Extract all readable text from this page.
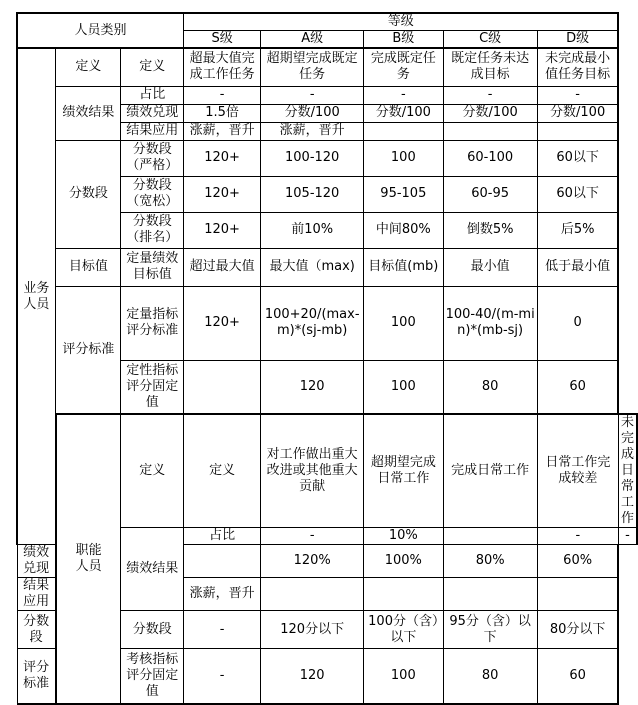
人员类别			等级					
			S级	A级	B级	C级	D级	
业务
人员	定义	定义	超最大值完成工作任务	超期望完成既定任务	完成既定任务	既定任务未达成目标	未完成最小值任务目标	
	绩效结果	占比	-	-	-	-	-	
		绩效兑现	1.5倍	分数/100	分数/100	分数/100	分数/100	
		结果应用	涨薪，晋升	涨薪，晋升				
	分数段	分数段（严格）	120+	100-120	100	60-100	60以下	
		分数段（宽松）	120+	105-120	95-105	60-95	60以下	
		分数段（排名）	120+	前10%	中间80%	倒数5%	后5%	
	目标值	定量绩效目标值	超过最大值	最大值（max)	目标值(mb)	最小值	低于最小值	
	评分标准	定量指标评分标准	120+	100+20/(max-m)*(sj-mb)	100	100-40/(m-min)*(mb-sj)	0	
		定性指标评分固定值		120	100	80	60	
	职能
人员	定义	定义	对工作做出重大改进或其他重大贡献	超期望完成日常工作	完成日常工作	日常工作完成较差	未完成日常工作
		绩效结果	占比	-	10%		-	-
绩效兑现				120%	100%	80%	60%	
结果应用			涨薪，晋升					
分数段		分数段	-	120分以下	100分（含）以下	95分（含）以下	80分以下	
评分标准		考核指标评分固定值	-	120	100	80	60	
